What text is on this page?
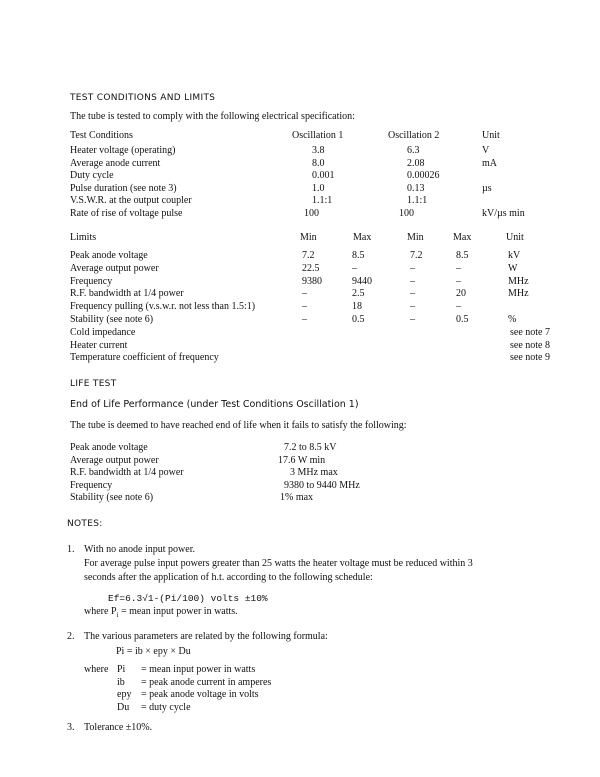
TEST CONDITIONS AND LIMITS
The tube is tested to comply with the following electrical specification:
Test Conditions	Oscillation 1	Oscillation 2	Unit
Heater voltage (operating)	3.8	6.3	V
Average anode current	8.0	2.08	mA
Duty cycle	0.001	0.00026
Pulse duration (see note 3)	1.0	0.13	µs
V.S.W.R. at the output coupler	1.1:1	1.1:1
Rate of rise of voltage pulse	100	100	kV/µs min
Limits	Min	Max	Min	Max	Unit
Peak anode voltage	7.2	8.5	7.2	8.5	kV
Average output power	22.5	–	–	–	W
Frequency	9380	9440	–	–	MHz
R.F. bandwidth at 1/4 power	–	2.5	–	20	MHz
Frequency pulling (v.s.w.r. not less than 1.5:1)	–	18	–	–
Stability (see note 6)	–	0.5	–	0.5	%
Cold impedance	see note 7
Heater current	see note 8
Temperature coefficient of frequency	see note 9
LIFE TEST
End of Life Performance (under Test Conditions Oscillation 1)
The tube is deemed to have reached end of life when it fails to satisfy the following:
Peak anode voltage	7.2 to 8.5 kV
Average output power	17.6 W min
R.F. bandwidth at 1/4 power	3 MHz max
Frequency	9380 to 9440 MHz
Stability (see note 6)	1% max
NOTES:
1. With no anode input power.
For average pulse input powers greater than 25 watts the heater voltage must be reduced within 3
seconds after the application of h.t. according to the following schedule:
Ef=6.3√1-(Pi/100) volts ±10%
where $P_i$ = mean input power in watts.
2. The various parameters are related by the following formula:
Pi = ib × epy × Du
where Pi = mean input power in watts
ib = peak anode current in amperes
epy = peak anode voltage in volts
Du = duty cycle
3. Tolerance ±10%.
